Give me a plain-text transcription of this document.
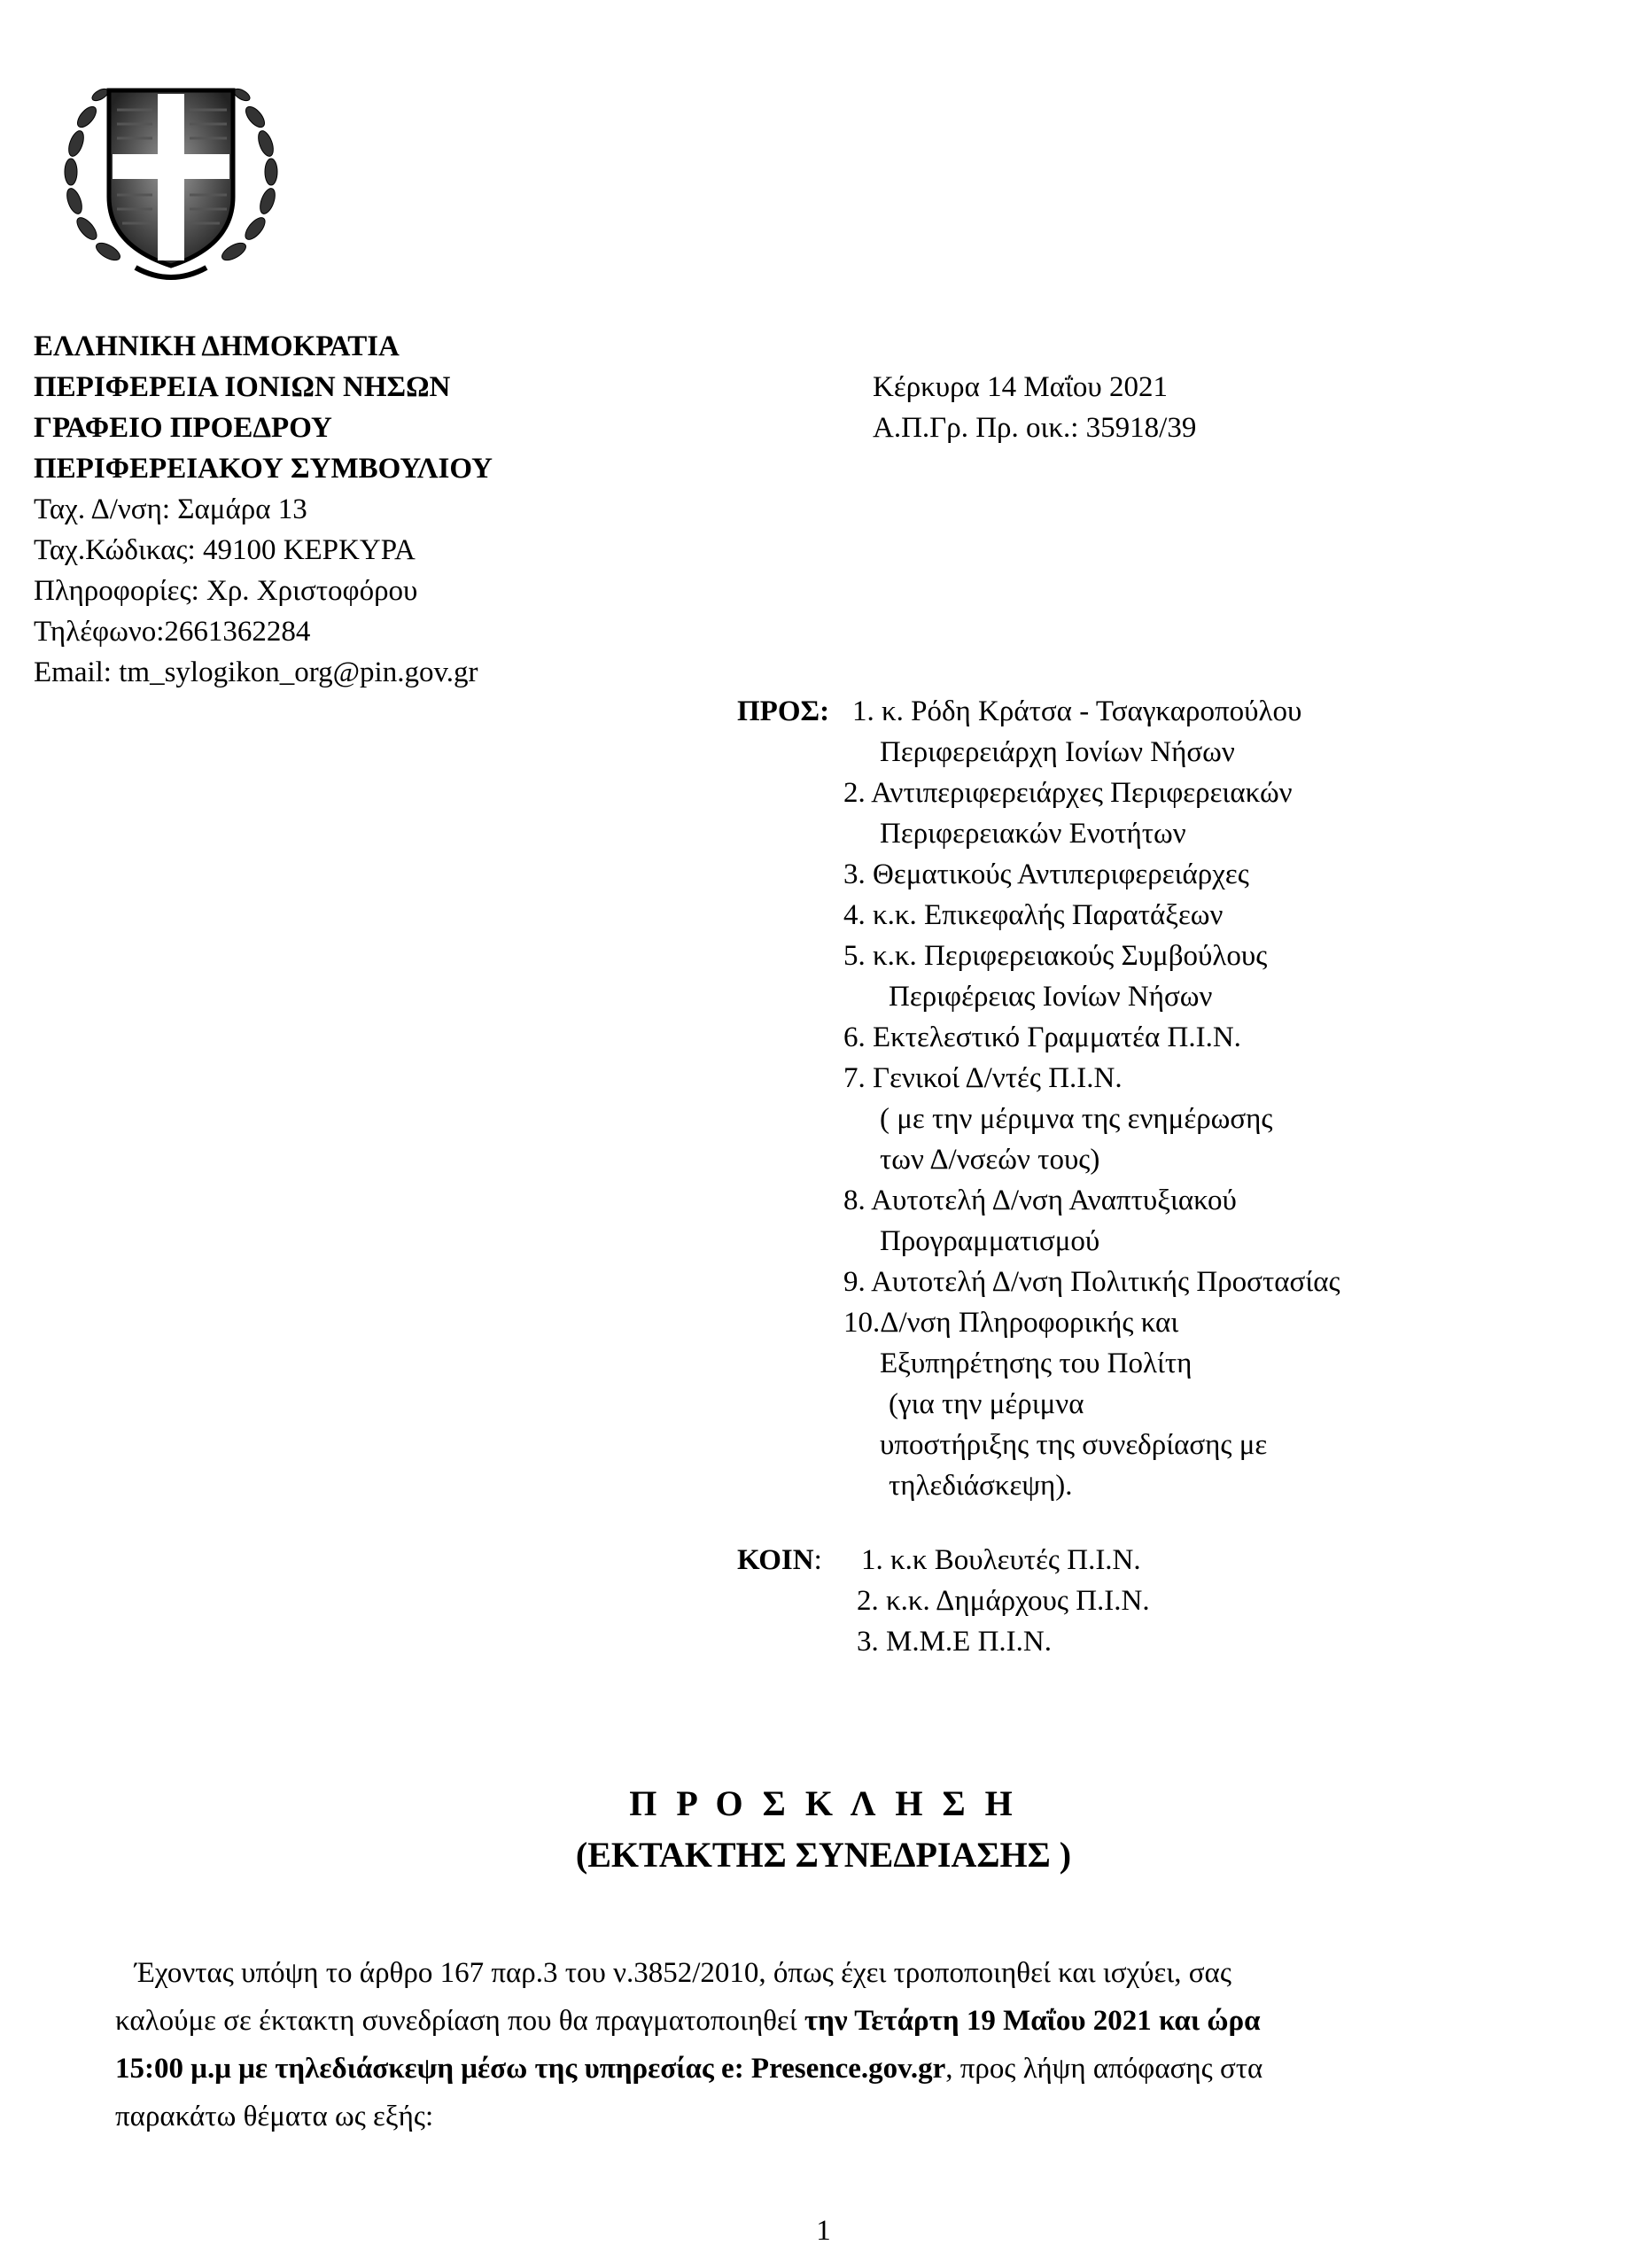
ΕΛΛΗΝΙΚΗ ΔΗΜΟΚΡΑΤΙΑ
ΠΕΡΙΦΕΡΕΙΑ ΙΟΝΙΩΝ ΝΗΣΩΝ
ΓΡΑΦΕΙΟ ΠΡΟΕΔΡΟΥ
ΠΕΡΙΦΕΡΕΙΑΚΟΥ ΣΥΜΒΟΥΛΙΟΥ
Ταχ. Δ/νση: Σαμάρα 13
Ταχ.Κώδικας: 49100 ΚΕΡΚΥΡΑ
Πληροφορίες: Χρ. Χριστοφόρου
Τηλέφωνο:2661362284
Email: tm_sylogikon_org@pin.gov.gr
Κέρκυρα 14 Μαΐου 2021
Α.Π.Γρ. Πρ. οικ.: 35918/39
ΠΡΟΣ: 1. κ. Ρόδη Κράτσα - Τσαγκαροπούλου
Περιφερειάρχη Ιονίων Νήσων
2. Αντιπεριφερειάρχες Περιφερειακών
Περιφερειακών Ενοτήτων
3. Θεματικούς Αντιπεριφερειάρχες
4. κ.κ. Επικεφαλής Παρατάξεων
5. κ.κ. Περιφερειακούς Συμβούλους
Περιφέρειας Ιονίων Νήσων
6. Εκτελεστικό Γραμματέα Π.Ι.Ν.
7. Γενικοί Δ/ντές Π.Ι.Ν.
( με την μέριμνα της ενημέρωσης
των Δ/νσεών τους)
8. Αυτοτελή Δ/νση Αναπτυξιακού
Προγραμματισμού
9. Αυτοτελή Δ/νση Πολιτικής Προστασίας
10.Δ/νση Πληροφορικής και
Εξυπηρέτησης του Πολίτη
(για την μέριμνα
υποστήριξης της συνεδρίασης με
τηλεδιάσκεψη).
ΚΟΙΝ: 1. κ.κ Βουλευτές Π.Ι.Ν.
2. κ.κ. Δημάρχους Π.Ι.Ν.
3. Μ.Μ.Ε Π.Ι.Ν.
Π Ρ Ο Σ Κ Λ Η Σ Η
(ΕΚΤΑΚΤΗΣ ΣΥΝΕΔΡΙΑΣΗΣ )
Έχοντας υπόψη το άρθρο 167 παρ.3 του ν.3852/2010, όπως έχει τροποποιηθεί και ισχύει, σας
καλούμε σε έκτακτη συνεδρίαση που θα πραγματοποιηθεί την Τετάρτη 19 Μαΐου 2021 και ώρα
15:00 μ.μ με τηλεδιάσκεψη μέσω της υπηρεσίας e: Presence.gov.gr, προς λήψη απόφασης στα
παρακάτω θέματα ως εξής:
1
